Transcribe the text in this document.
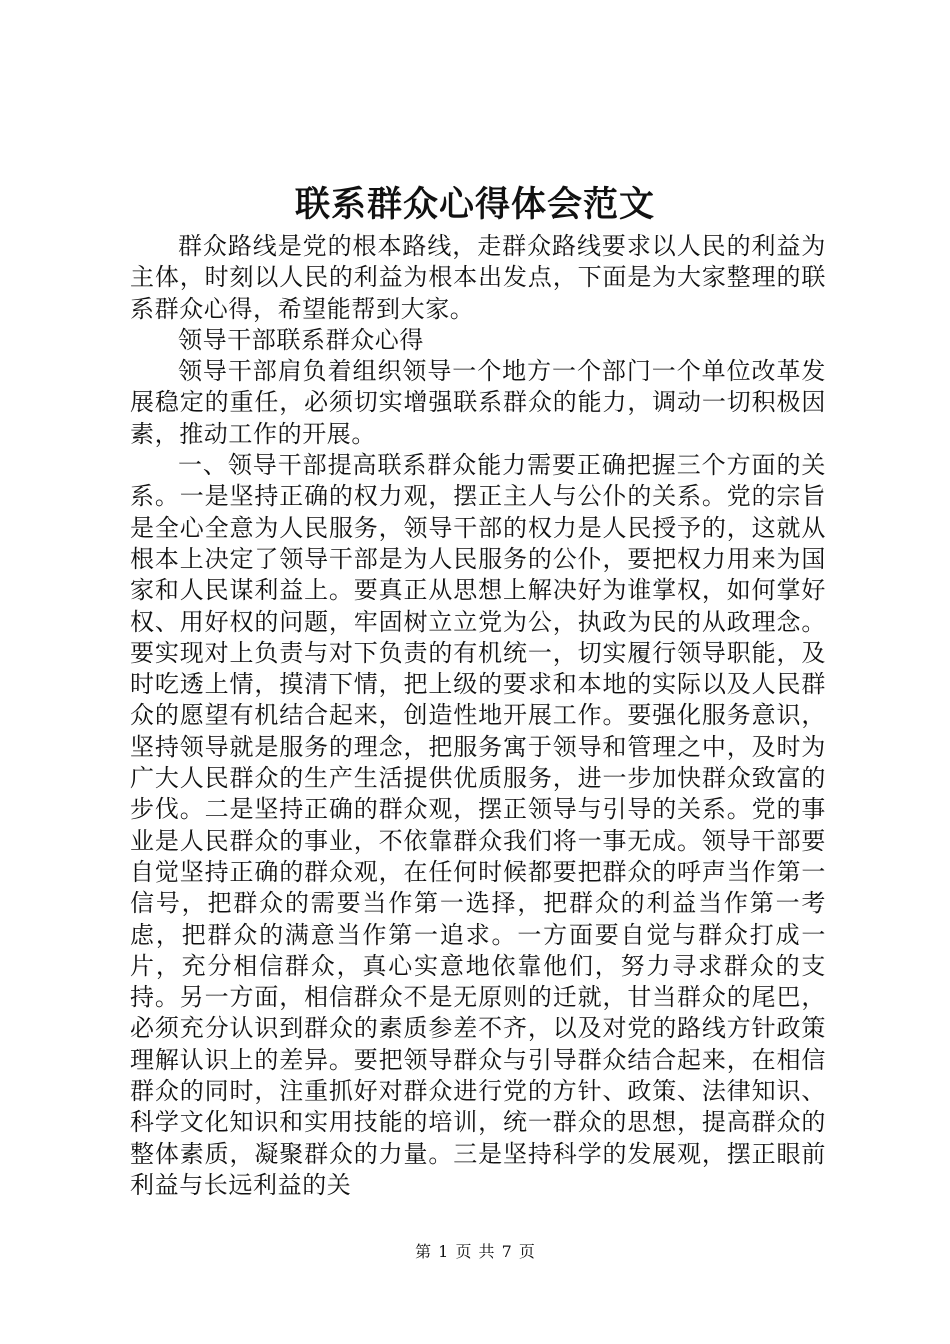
联系群众心得体会范文

群众路线是党的根本路线，走群众路线要求以人民的利益为主体，时刻以人民的利益为根本出发点，下面是为大家整理的联系群众心得，希望能帮到大家。

领导干部联系群众心得

领导干部肩负着组织领导一个地方一个部门一个单位改革发展稳定的重任，必须切实增强联系群众的能力，调动一切积极因素，推动工作的开展。

一、领导干部提高联系群众能力需要正确把握三个方面的关系。一是坚持正确的权力观，摆正主人与公仆的关系。党的宗旨是全心全意为人民服务，领导干部的权力是人民授予的，这就从根本上决定了领导干部是为人民服务的公仆，要把权力用来为国家和人民谋利益上。要真正从思想上解决好为谁掌权，如何掌好权、用好权的问题，牢固树立立党为公，执政为民的从政理念。要实现对上负责与对下负责的有机统一，切实履行领导职能，及时吃透上情，摸清下情，把上级的要求和本地的实际以及人民群众的愿望有机结合起来，创造性地开展工作。要强化服务意识，坚持领导就是服务的理念，把服务寓于领导和管理之中，及时为广大人民群众的生产生活提供优质服务，进一步加快群众致富的步伐。二是坚持正确的群众观，摆正领导与引导的关系。党的事业是人民群众的事业，不依靠群众我们将一事无成。领导干部要自觉坚持正确的群众观，在任何时候都要把群众的呼声当作第一信号，把群众的需要当作第一选择，把群众的利益当作第一考虑，把群众的满意当作第一追求。一方面要自觉与群众打成一片，充分相信群众，真心实意地依靠他们，努力寻求群众的支持。另一方面，相信群众不是无原则的迁就，甘当群众的尾巴，必须充分认识到群众的素质参差不齐，以及对党的路线方针政策理解认识上的差异。要把领导群众与引导群众结合起来，在相信群众的同时，注重抓好对群众进行党的方针、政策、法律知识、科学文化知识和实用技能的培训，统一群众的思想，提高群众的整体素质，凝聚群众的力量。三是坚持科学的发展观，摆正眼前利益与长远利益的关

第 1 页 共 7 页
